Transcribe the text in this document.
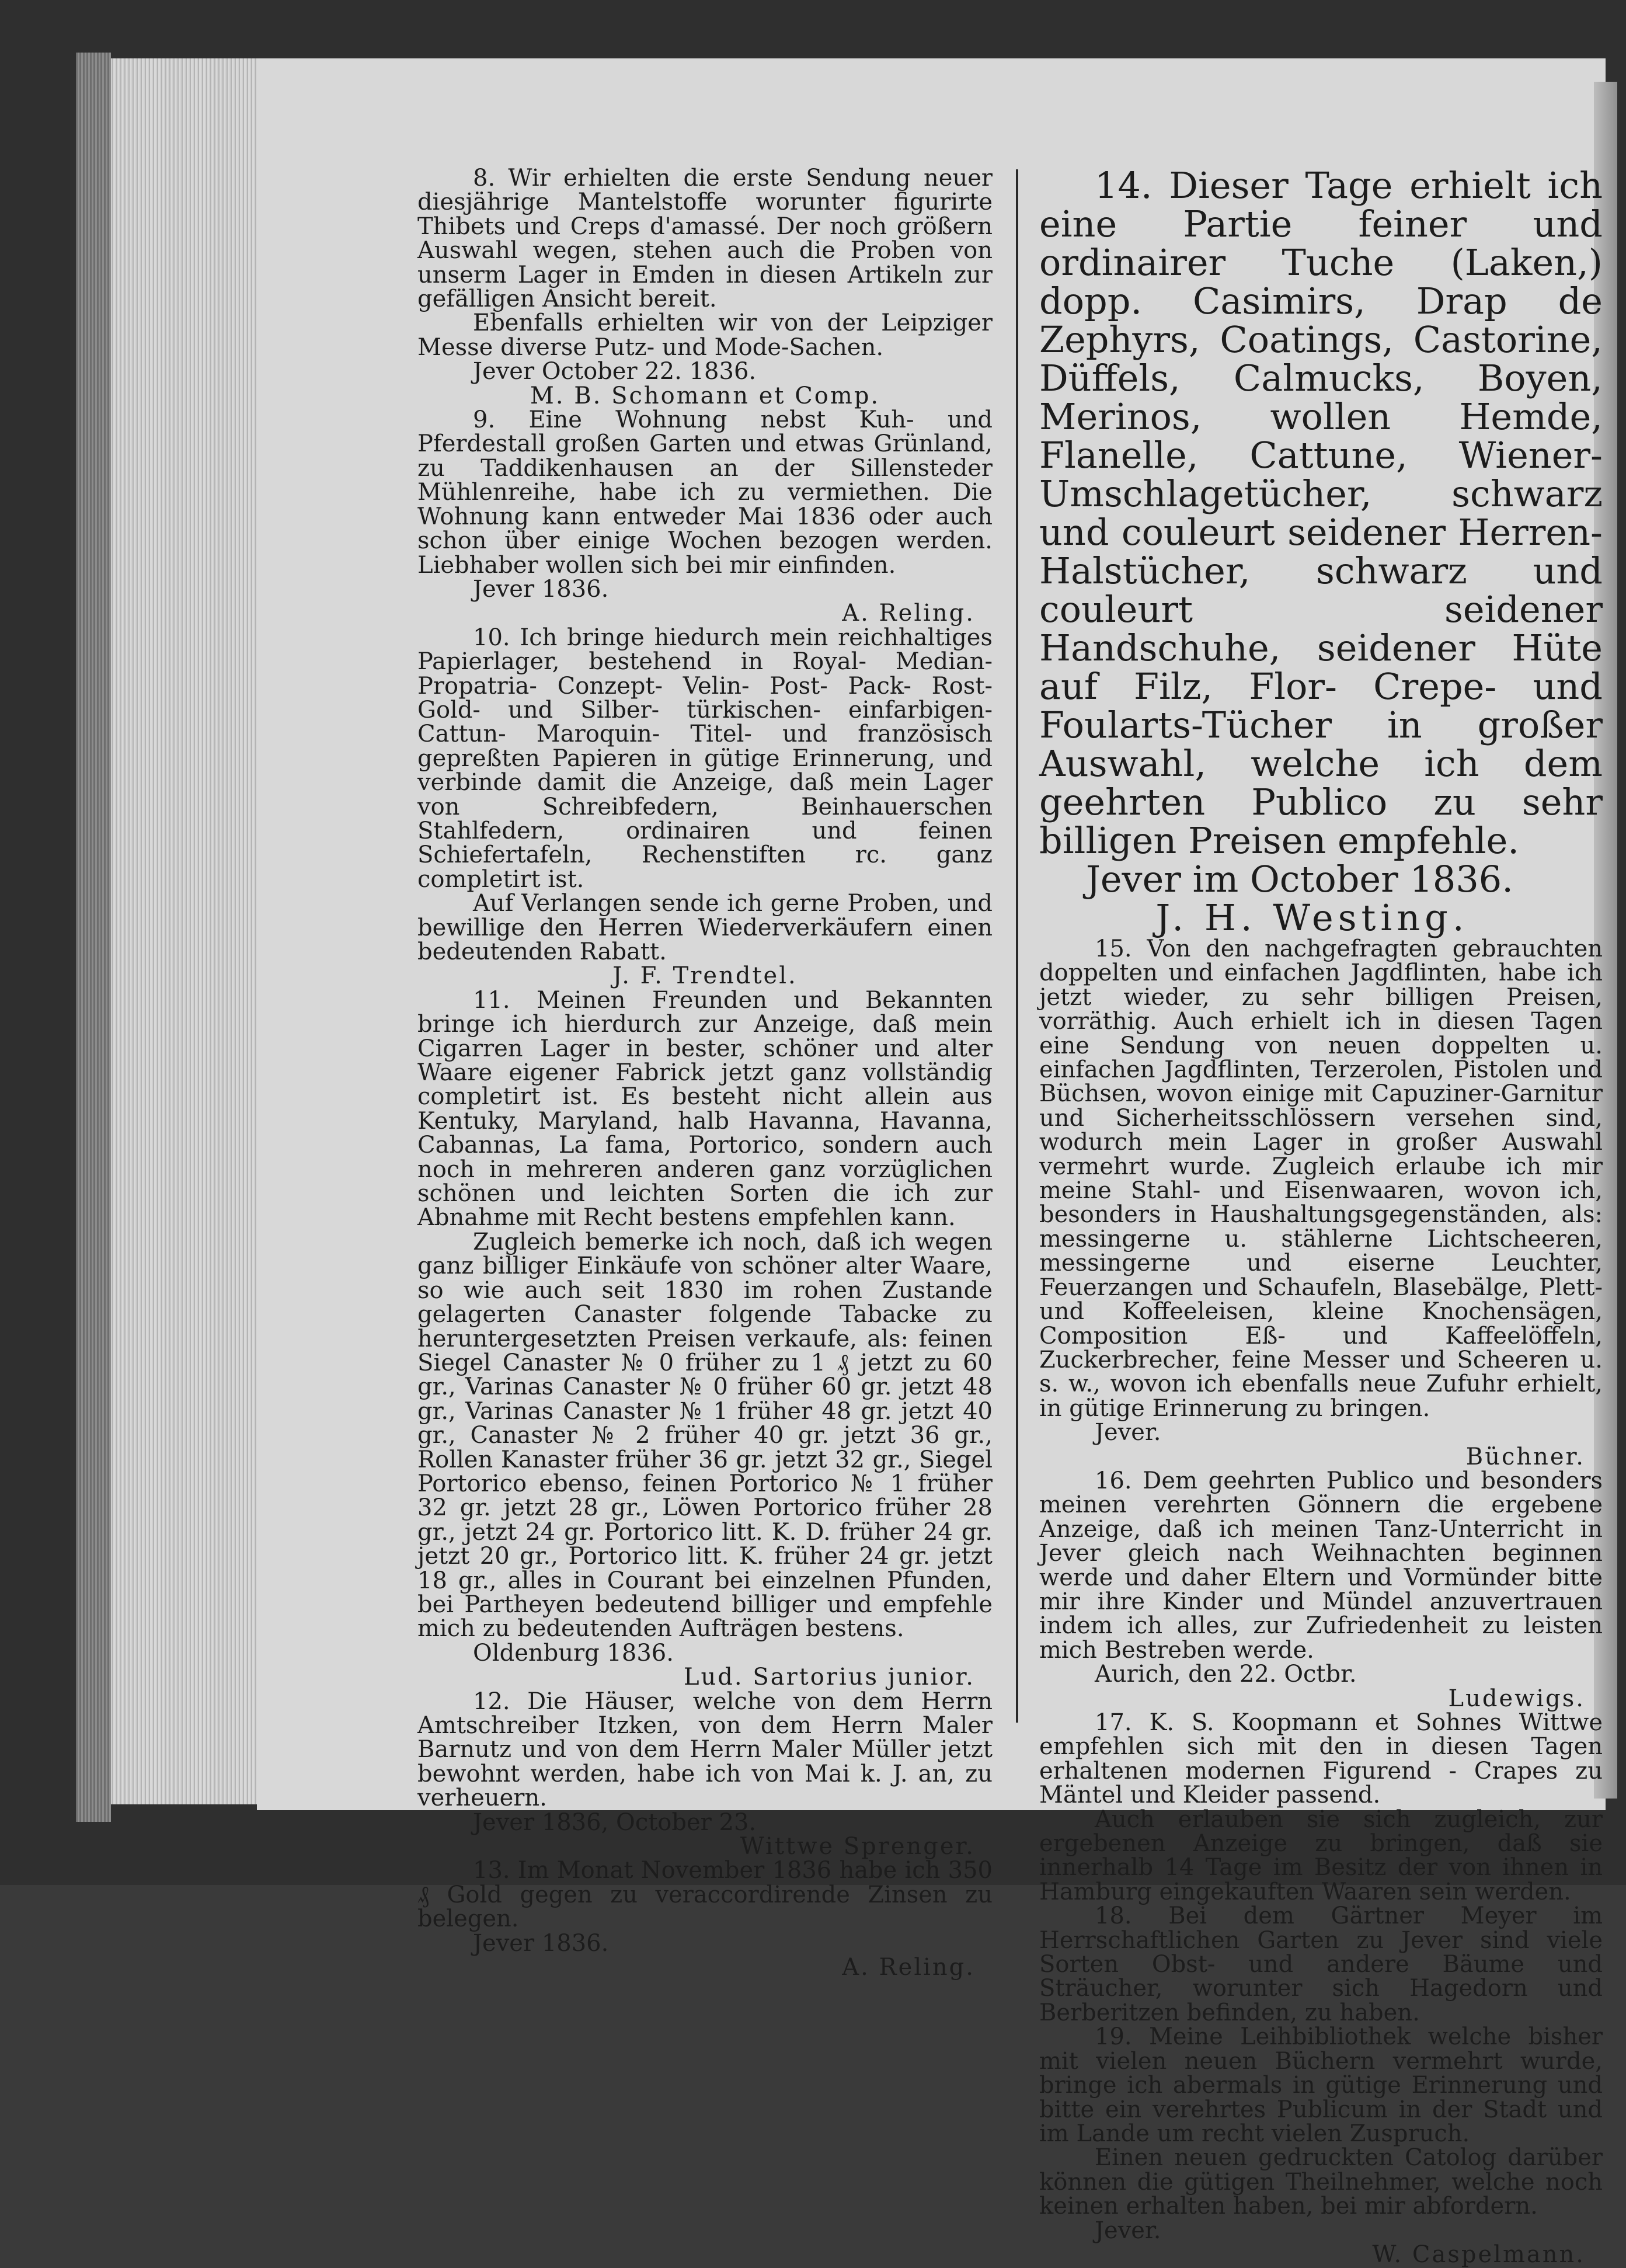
8. Wir erhielten die erste Sendung neuer diesjährige Mantelstoffe worunter figurirte Thibets und Creps d'amassé. Der noch größern Auswahl wegen, stehen auch die Proben von unserm Lager in Emden in diesen Artikeln zur gefälligen Ansicht bereit.

Ebenfalls erhielten wir von der Leipziger Messe diverse Putz- und Mode-Sachen.

Jever October 22. 1836.
M. B. Schomann et Comp.

9. Eine Wohnung nebst Kuh- und Pferdestall großen Garten und etwas Grünland, zu Taddikenhausen an der Sillensteder Mühlenreihe, habe ich zu vermiethen. Die Wohnung kann entweder Mai 1836 oder auch schon über einige Wochen bezogen werden. Liebhaber wollen sich bei mir einfinden.

Jever 1836.
A. Reling.

10. Ich bringe hiedurch mein reichhaltiges Papierlager, bestehend in Royal- Median- Propatria- Conzept- Velin- Post- Pack- Rost- Gold- und Silber- türkischen- einfarbigen- Cattun- Maroquin- Titel- und französisch gepreßten Papieren in gütige Erinnerung, und verbinde damit die Anzeige, daß mein Lager von Schreibfedern, Beinhauerschen Stahlfedern, ordinairen und feinen Schiefertafeln, Rechenstiften rc. ganz completirt ist.

Auf Verlangen sende ich gerne Proben, und bewillige den Herren Wiederverkäufern einen bedeutenden Rabatt.

J. F. Trendtel.

11. Meinen Freunden und Bekannten bringe ich hierdurch zur Anzeige, daß mein Cigarren Lager in bester, schöner und alter Waare eigener Fabrick jetzt ganz vollständig completirt ist. Es besteht nicht allein aus Kentuky, Maryland, halb Havanna, Havanna, Cabannas, La fama, Portorico, sondern auch noch in mehreren anderen ganz vorzüglichen schönen und leichten Sorten die ich zur Abnahme mit Recht bestens empfehlen kann.

Zugleich bemerke ich noch, daß ich wegen ganz billiger Einkäufe von schöner alter Waare, so wie auch seit 1830 im rohen Zustande gelagerten Canaster folgende Tabacke zu heruntergesetzten Preisen verkaufe, als: feinen Siegel Canaster № 0 früher zu 1 ₰ jetzt zu 60 gr., Varinas Canaster № 0 früher 60 gr. jetzt 48 gr., Varinas Canaster № 1 früher 48 gr. jetzt 40 gr., Canaster № 2 früher 40 gr. jetzt 36 gr., Rollen Kanaster früher 36 gr. jetzt 32 gr., Siegel Portorico ebenso, feinen Portorico № 1 früher 32 gr. jetzt 28 gr., Löwen Portorico früher 28 gr., jetzt 24 gr. Portorico litt. K. D. früher 24 gr. jetzt 20 gr., Portorico litt. K. früher 24 gr. jetzt 18 gr., alles in Courant bei einzelnen Pfunden, bei Partheyen bedeutend billiger und empfehle mich zu bedeutenden Aufträgen bestens.

Oldenburg 1836.
Lud. Sartorius junior.

12. Die Häuser, welche von dem Herrn Amtschreiber Itzken, von dem Herrn Maler Barnutz und von dem Herrn Maler Müller jetzt bewohnt werden, habe ich von Mai k. J. an, zu verheuern.

Jever 1836, October 23.
Wittwe Sprenger.

13. Im Monat November 1836 habe ich 350 ₰ Gold gegen zu veraccordirende Zinsen zu belegen.

Jever 1836.
A. Reling.

14. Dieser Tage erhielt ich eine Partie feiner und ordinairer Tuche (Laken,) dopp. Casimirs, Drap de Zephyrs, Coatings, Castorine, Düffels, Calmucks, Boyen, Merinos, wollen Hemde, Flanelle, Cattune, Wiener-Umschlagetücher, schwarz und couleurt seidener Herren-Halstücher, schwarz und couleurt seidener Handschuhe, seidener Hüte auf Filz, Flor- Crepe- und Foularts-Tücher in großer Auswahl, welche ich dem geehrten Publico zu sehr billigen Preisen empfehle.

Jever im October 1836.
J. H. Westing.

15. Von den nachgefragten gebrauchten doppelten und einfachen Jagdflinten, habe ich jetzt wieder, zu sehr billigen Preisen, vorräthig. Auch erhielt ich in diesen Tagen eine Sendung von neuen doppelten u. einfachen Jagdflinten, Terzerolen, Pistolen und Büchsen, wovon einige mit Capuziner-Garnitur und Sicherheitsschlössern versehen sind, wodurch mein Lager in großer Auswahl vermehrt wurde. Zugleich erlaube ich mir meine Stahl- und Eisenwaaren, wovon ich, besonders in Haushaltungsgegenständen, als: messingerne u. stählerne Lichtscheeren, messingerne und eiserne Leuchter, Feuerzangen und Schaufeln, Blasebälge, Plett- und Koffeeleisen, kleine Knochensägen, Composition Eß- und Kaffeelöffeln, Zuckerbrecher, feine Messer und Scheeren u. s. w., wovon ich ebenfalls neue Zufuhr erhielt, in gütige Erinnerung zu bringen.

Jever.
Büchner.

16. Dem geehrten Publico und besonders meinen verehrten Gönnern die ergebene Anzeige, daß ich meinen Tanz-Unterricht in Jever gleich nach Weihnachten beginnen werde und daher Eltern und Vormünder bitte mir ihre Kinder und Mündel anzuvertrauen indem ich alles, zur Zufriedenheit zu leisten mich Bestreben werde.

Aurich, den 22. Octbr.
Ludewigs.

17. K. S. Koopmann et Sohnes Wittwe empfehlen sich mit den in diesen Tagen erhaltenen modernen Figurend - Crapes zu Mäntel und Kleider passend.

Auch erlauben sie sich zugleich, zur ergebenen Anzeige zu bringen, daß sie innerhalb 14 Tage im Besitz der von ihnen in Hamburg eingekauften Waaren sein werden.

18. Bei dem Gärtner Meyer im Herrschaftlichen Garten zu Jever sind viele Sorten Obst- und andere Bäume und Sträucher, worunter sich Hagedorn und Berberitzen befinden, zu haben.

19. Meine Leihbibliothek welche bisher mit vielen neuen Büchern vermehrt wurde, bringe ich abermals in gütige Erinnerung und bitte ein verehrtes Publicum in der Stadt und im Lande um recht vielen Zuspruch.

Einen neuen gedruckten Catolog darüber können die gütigen Theilnehmer, welche noch keinen erhalten haben, bei mir abfordern.

Jever.
W. Caspelmann.
